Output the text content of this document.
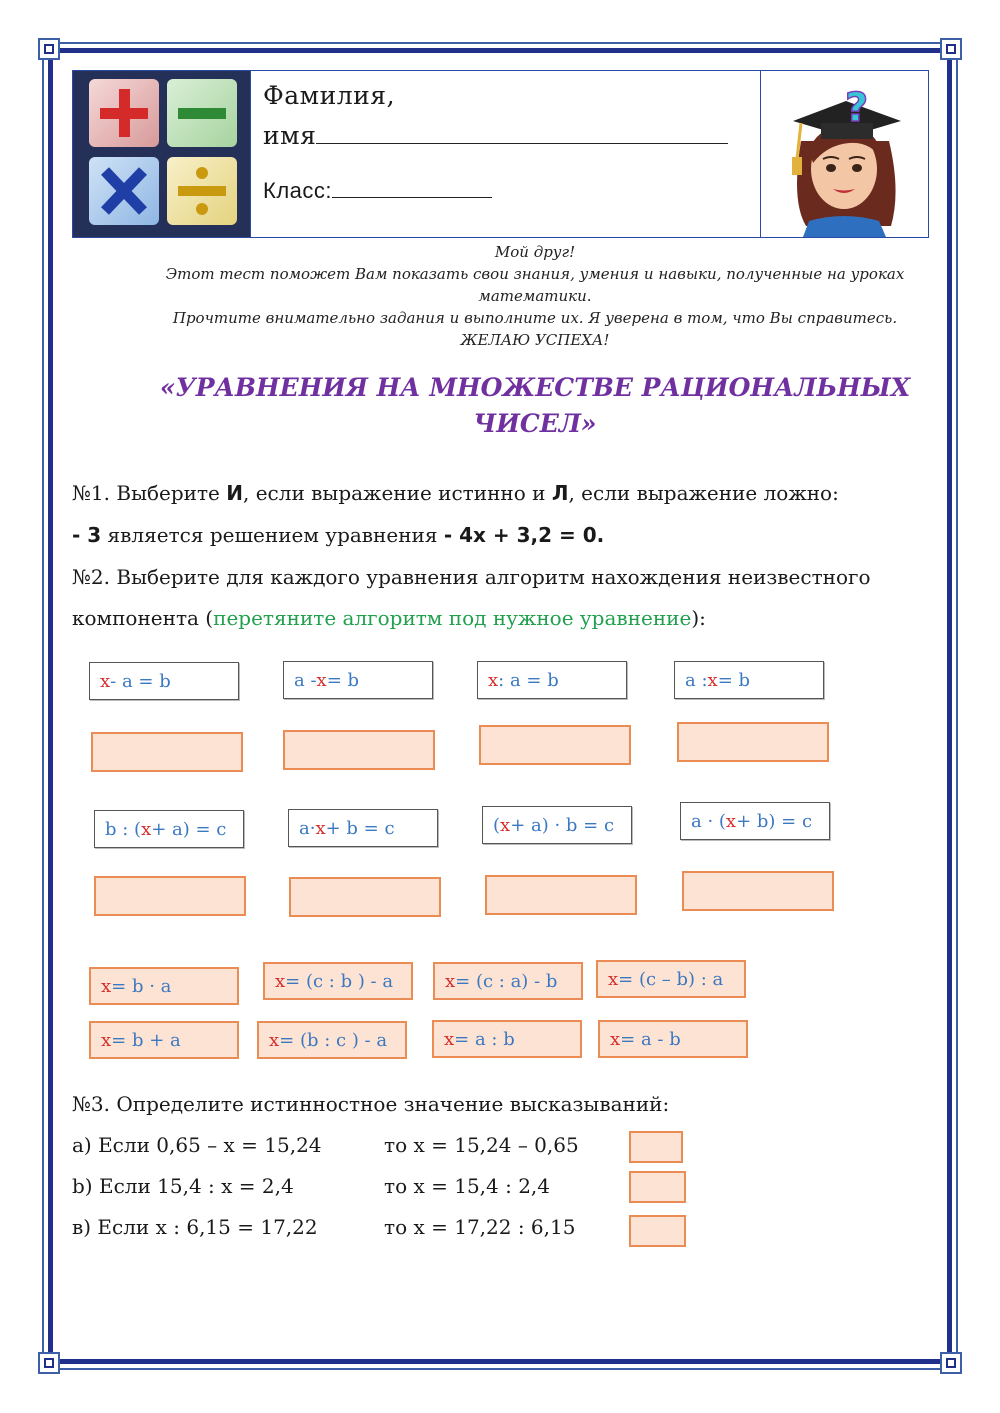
Фамилия,
имя
Класс:
?
Мой друг!
Этот тест поможет Вам показать свои знания, умения и навыки, полученные на уроках математики.
Прочтите внимательно задания и выполните их. Я уверена в том, что Вы справитесь.
ЖЕЛАЮ УСПЕХА!
«УРАВНЕНИЯ НА МНОЖЕСТВЕ РАЦИОНАЛЬНЫХ ЧИСЕЛ»
№1. Выберите И, если выражение истинно и Л, если выражение ложно:
- 3 является решением уравнения - 4x + 3,2 = 0.
№2. Выберите для каждого уравнения алгоритм нахождения неизвестного
компонента (перетяните алгоритм под нужное уравнение):
x - a = b	a - x = b	x : a = b	a : x = b
b : ( x + a) = c	a· x + b = c	( x + a) · b = c	a · ( x + b) = c
x = b · a	x = (c : b ) - a	x = (c : a) - b	x = (c – b) : a
x = b + a	x = (b : c ) - a	x = a : b	x = a - b
№3. Определите истинностное значение высказываний:
а) Если 0,65 – x = 15,24	то x = 15,24 – 0,65
b) Если 15,4 : x = 2,4	то x = 15,4 : 2,4
в) Если x : 6,15 = 17,22	то x = 17,22 : 6,15
